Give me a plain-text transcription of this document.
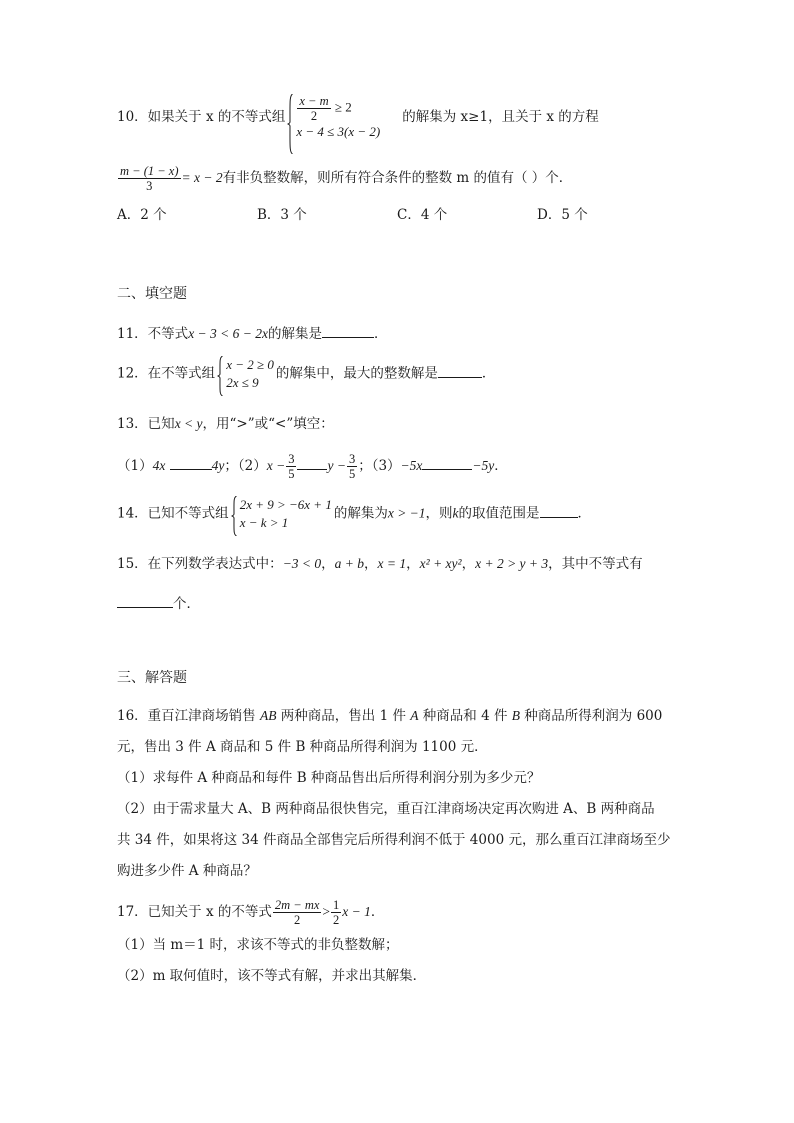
10．如果关于 x 的不等式组 $\frac{x - m}{2} \ge 2$
x − 4 ≤ 3(x − 2)
的解集为 x≥1，且关于 x 的方程
$\frac{m - (1 - x)}{3} = x - 2$有非负整数解，则所有符合条件的整数 m 的值有（ ）个．
A．2 个	B．3 个	C．4 个	D．5 个
二、填空题
11．不等式x − 3 < 6 − 2x的解集是	．
12．在不等式组
x − 2 ≥ 0
2x ≤ 9
的解集中，最大的整数解是	．
13．已知x < y，用“>”或“<”填空：
（1）4x	4y；$(2)x - \frac{3}{5}$ $y - \frac{3}{5}$ ；（3）−5x	−5y．
14．已知不等式组
2x + 9 > −6x + 1
x − k > 1
的解集为x > −1，则k的取值范围是	．
15．在下列数学表达式中：−3 < 0，a + b，x = 1，x² + xy²，x + 2 > y + 3，其中不等式有
个．
三、解答题
16．重百江津商场销售 AB 两种商品，售出 1 件 A 种商品和 4 件 B 种商品所得利润为 600
元，售出 3 件 A 商品和 5 件 B 种商品所得利润为 1100 元．
（1）求每件 A 种商品和每件 B 种商品售出后所得利润分别为多少元？
（2）由于需求量大 A、B 两种商品很快售完，重百江津商场决定再次购进 A、B 两种商品
共 34 件，如果将这 34 件商品全部售完后所得利润不低于 4000 元，那么重百江津商场至少
购进多少件 A 种商品？
17．已知关于 x 的不等式 $\frac{2m - mx}{2} > \frac{1}{2}$ x − 1．
（1）当 m＝1 时，求该不等式的非负整数解；
（2）m 取何值时，该不等式有解，并求出其解集．
